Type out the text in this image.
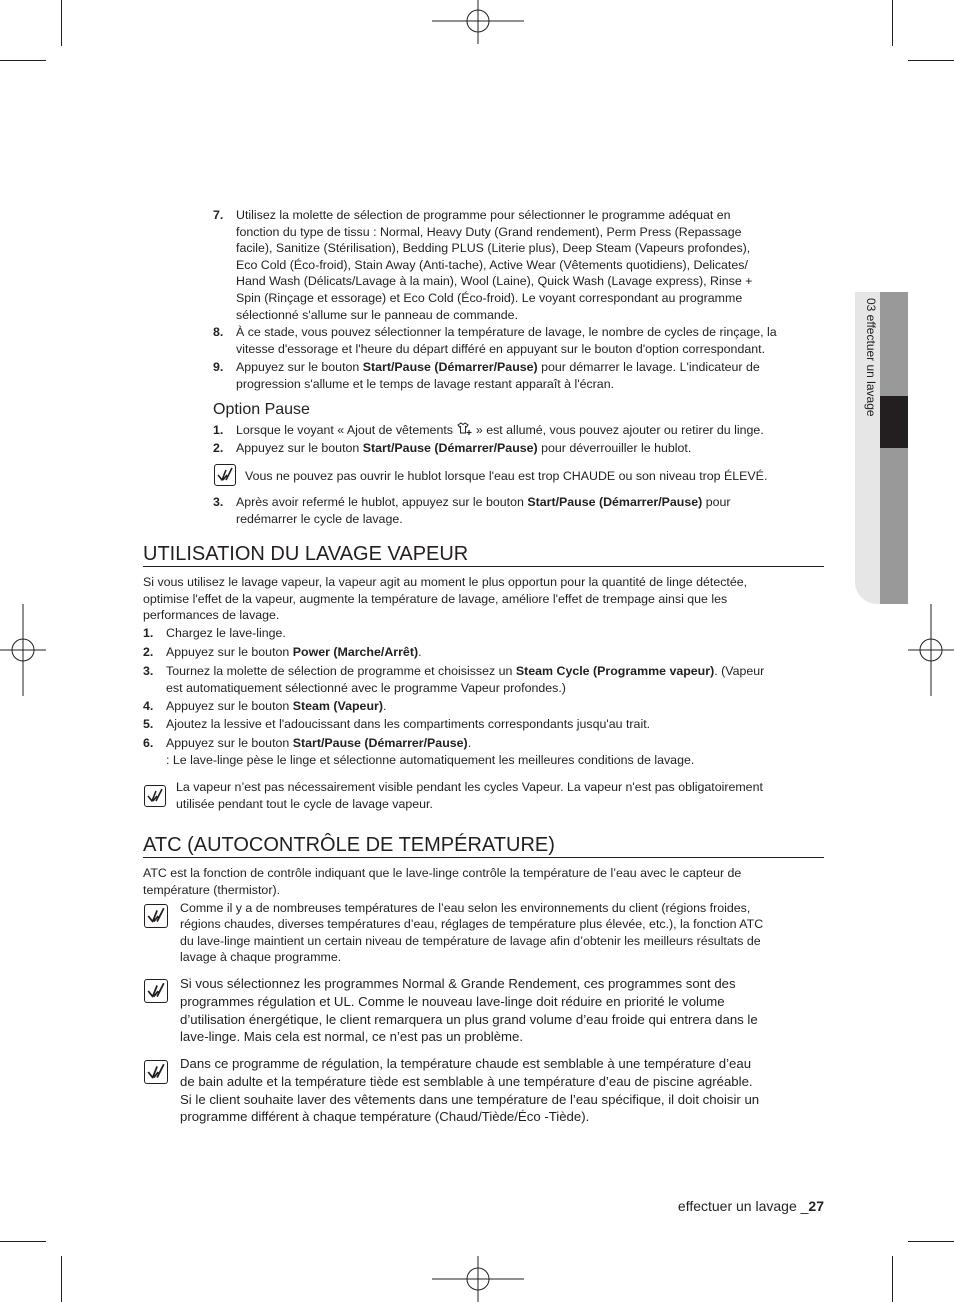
03 effectuer un lavage
7. Utilisez la molette de sélection de programme pour sélectionner le programme adéquat en
fonction du type de tissu : Normal, Heavy Duty (Grand rendement), Perm Press (Repassage
facile), Sanitize (Stérilisation), Bedding PLUS (Literie plus), Deep Steam (Vapeurs profondes),
Eco Cold (Éco-froid), Stain Away (Anti-tache), Active Wear (Vêtements quotidiens), Delicates/
Hand Wash (Délicats/Lavage à la main), Wool (Laine), Quick Wash (Lavage express), Rinse +
Spin (Rinçage et essorage) et Eco Cold (Éco-froid). Le voyant correspondant au programme
sélectionné s'allume sur le panneau de commande.
8. À ce stade, vous pouvez sélectionner la température de lavage, le nombre de cycles de rinçage, la
vitesse d'essorage et l'heure du départ différé en appuyant sur le bouton d'option correspondant.
9. Appuyez sur le bouton Start/Pause (Démarrer/Pause) pour démarrer le lavage. L'indicateur de
progression s'allume et le temps de lavage restant apparaît à l'écran.
Option Pause
1. Lorsque le voyant « Ajout de vêtements  » est allumé, vous pouvez ajouter ou retirer du linge.
2. Appuyez sur le bouton Start/Pause (Démarrer/Pause) pour déverrouiller le hublot.
Vous ne pouvez pas ouvrir le hublot lorsque l'eau est trop CHAUDE ou son niveau trop ÉLEVÉ.
3. Après avoir refermé le hublot, appuyez sur le bouton Start/Pause (Démarrer/Pause) pour
redémarrer le cycle de lavage.
UTILISATION DU LAVAGE VAPEUR
Si vous utilisez le lavage vapeur, la vapeur agit au moment le plus opportun pour la quantité de linge détectée,
optimise l'effet de la vapeur, augmente la température de lavage, améliore l'effet de trempage ainsi que les
performances de lavage.
1. Chargez le lave-linge.
2. Appuyez sur le bouton Power (Marche/Arrêt).
3. Tournez la molette de sélection de programme et choisissez un Steam Cycle (Programme vapeur). (Vapeur
est automatiquement sélectionné avec le programme Vapeur profondes.)
4. Appuyez sur le bouton Steam (Vapeur).
5. Ajoutez la lessive et l'adoucissant dans les compartiments correspondants jusqu'au trait.
6. Appuyez sur le bouton Start/Pause (Démarrer/Pause).
: Le lave-linge pèse le linge et sélectionne automatiquement les meilleures conditions de lavage.
La vapeur n’est pas nécessairement visible pendant les cycles Vapeur. La vapeur n'est pas obligatoirement
utilisée pendant tout le cycle de lavage vapeur.
ATC (AUTOCONTRÔLE DE TEMPÉRATURE)
ATC est la fonction de contrôle indiquant que le lave-linge contrôle la température de l’eau avec le capteur de
température (thermistor).
Comme il y a de nombreuses températures de l’eau selon les environnements du client (régions froides,
régions chaudes, diverses températures d’eau, réglages de température plus élevée, etc.), la fonction ATC
du lave-linge maintient un certain niveau de température de lavage afin d’obtenir les meilleurs résultats de
lavage à chaque programme.
Si vous sélectionnez les programmes Normal & Grande Rendement, ces programmes sont des
programmes régulation et UL. Comme le nouveau lave-linge doit réduire en priorité le volume
d’utilisation énergétique, le client remarquera un plus grand volume d’eau froide qui entrera dans le
lave-linge. Mais cela est normal, ce n’est pas un problème.
Dans ce programme de régulation, la température chaude est semblable à une température d’eau
de bain adulte et la température tiède est semblable à une température d’eau de piscine agréable.
Si le client souhaite laver des vêtements dans une température de l’eau spécifique, il doit choisir un
programme différent à chaque température (Chaud/Tiède/Éco -Tiède).
effectuer un lavage _27
